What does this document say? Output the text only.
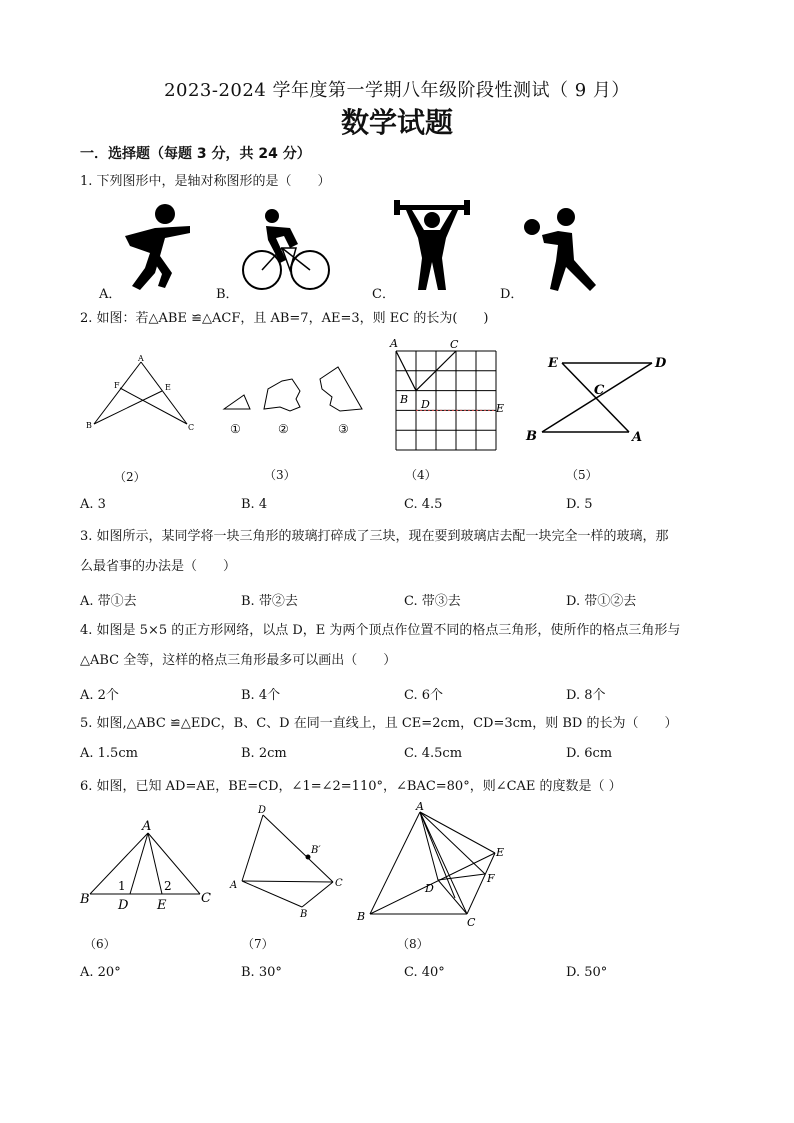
2023-2024 学年度第一学期八年级阶段性测试（ 9 月）
数学试题
一．选择题（每题 3 分，共 24 分）
1. 下列图形中，是轴对称图形的是（　　）
A．	B．	C．	D．
2. 如图：若△ABE ≌△ACF，且 AB=7，AE=3，则 EC 的长为(　　)
A
F	E
B	C	①	②	③
A	C
B D	E
E	D
C
B	A
（2）	（3）	（4）	（5）
A. 3	B. 4	C. 4.5	D. 5
3. 如图所示，某同学将一块三角形的玻璃打碎成了三块，现在要到玻璃店去配一块完全一样的玻璃，那
么最省事的办法是（　　）
A. 带①去	B. 带②去	C. 带③去	D. 带①②去
4. 如图是 5×5 的正方形网络，以点 D，E 为两个顶点作位置不同的格点三角形，使所作的格点三角形与
△ABC 全等，这样的格点三角形最多可以画出（　　）
A. 2个	B. 4个	C. 6个	D. 8个
5. 如图,△ABC ≌△EDC，B、C、D 在同一直线上，且 CE=2cm，CD=3cm，则 BD 的长为（　　）
A. 1.5cm	B. 2cm	C. 4.5cm	D. 6cm
6. 如图，已知 AD=AE，BE=CD，∠1=∠2=110°，∠BAC=80°，则∠CAE 的度数是（ ）
A
B
1
D E
2
C
D
B′
A	C
B
A
E
F
D
B	C
（6）	（7）	（8）
A. 20°	B. 30°	C. 40°	D. 50°
